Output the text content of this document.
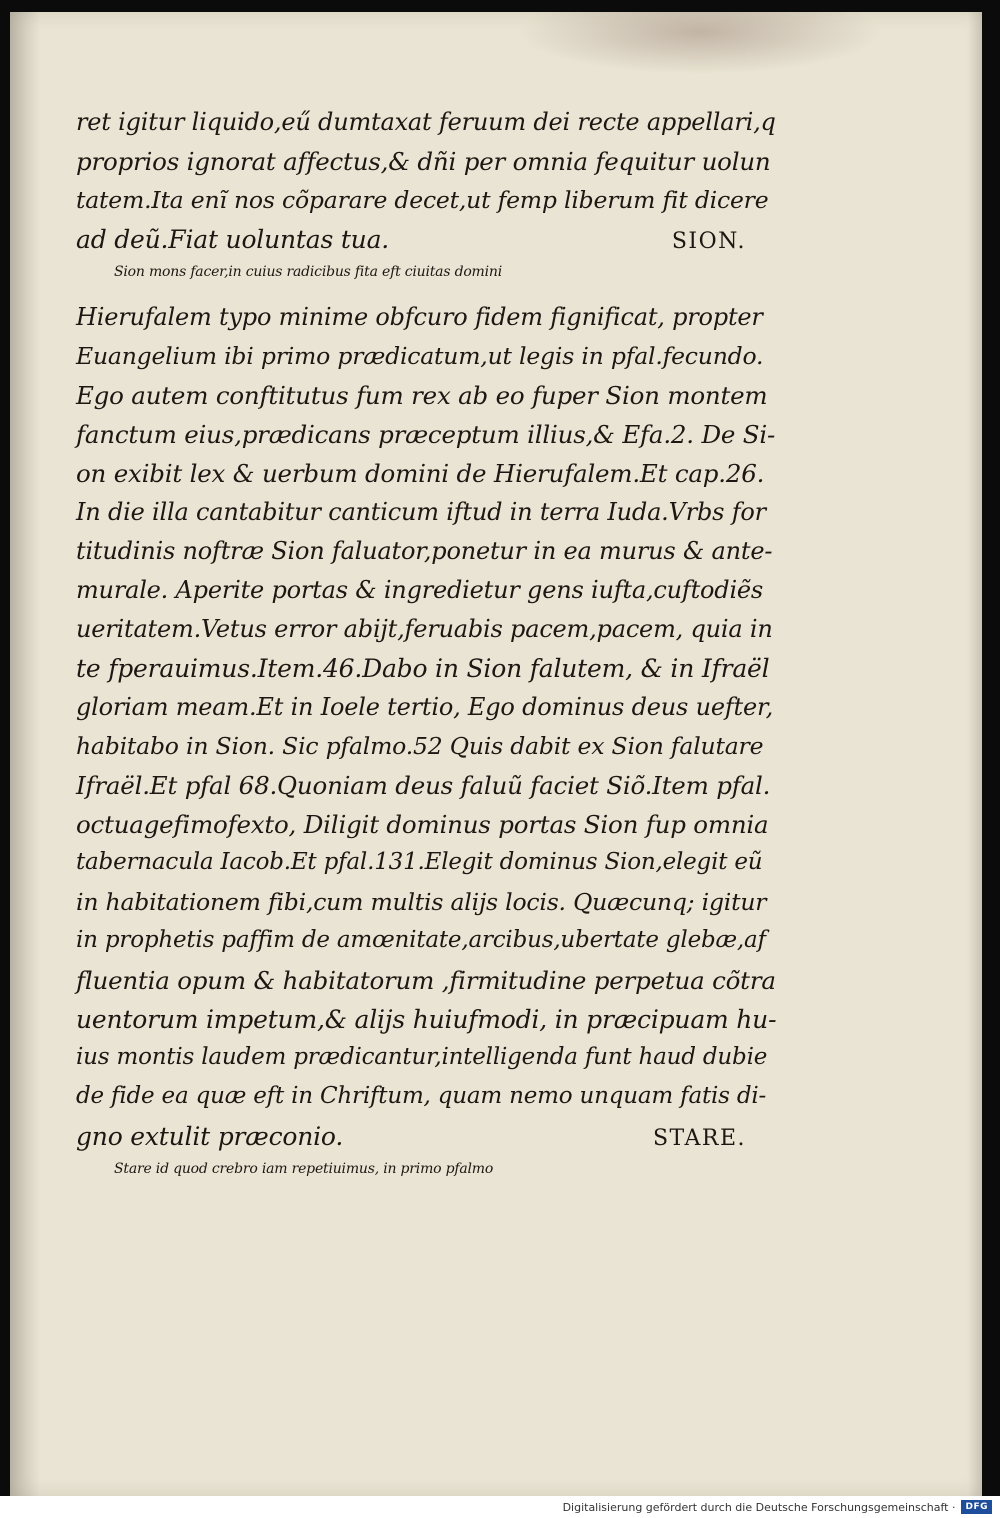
ret igitur liquido,eű dumtaxat feruum dei recte appellari,q
proprios ignorat affectus,& dñi per omnia fequitur uolun
tatem.Ita enĩ nos cõparare decet,ut femp liberum fit dicere
ad deũ.Fiat uoluntas tua.	SION.
Sion mons facer,in cuius radicibus fita eft ciuitas domini
Hierufalem typo minime obfcuro fidem fignificat, propter
Euangelium ibi primo prædicatum,ut legis in pfal.fecundo.
Ego autem conftitutus fum rex ab eo fuper Sion montem
fanctum eius,prædicans præceptum illius,& Efa.2. De Si-
on exibit lex & uerbum domini de Hierufalem.Et cap.26.
In die illa cantabitur canticum iftud in terra Iuda.Vrbs for
titudinis noftræ Sion faluator,ponetur in ea murus & ante-
murale. Aperite portas & ingredietur gens iufta,cuftodiẽs
ueritatem.Vetus error abijt,feruabis pacem,pacem, quia in
te fperauimus.Item.46.Dabo in Sion falutem, & in Ifraël
gloriam meam.Et in Ioele tertio, Ego dominus deus uefter,
habitabo in Sion. Sic pfalmo.52 Quis dabit ex Sion falutare
Ifraël.Et pfal 68.Quoniam deus faluũ faciet Siõ.Item pfal.
octuagefimofexto, Diligit dominus portas Sion fup omnia
tabernacula Iacob.Et pfal.131.Elegit dominus Sion,elegit eũ
in habitationem fibi,cum multis alijs locis. Quæcunq; igitur
in prophetis paffim de amœnitate,arcibus,ubertate glebæ,af
fluentia opum & habitatorum ,firmitudine perpetua cõtra
uentorum impetum,& alijs huiufmodi, in præcipuam hu-
ius montis laudem prædicantur,intelligenda funt haud dubie
de fide ea quæ eft in Chriftum, quam nemo unquam fatis di-
gno extulit præconio.	STARE.
Stare id quod crebro iam repetiuimus, in primo pfalmo
Digitalisierung gefördert durch die Deutsche Forschungsgemeinschaft ·	DFG
